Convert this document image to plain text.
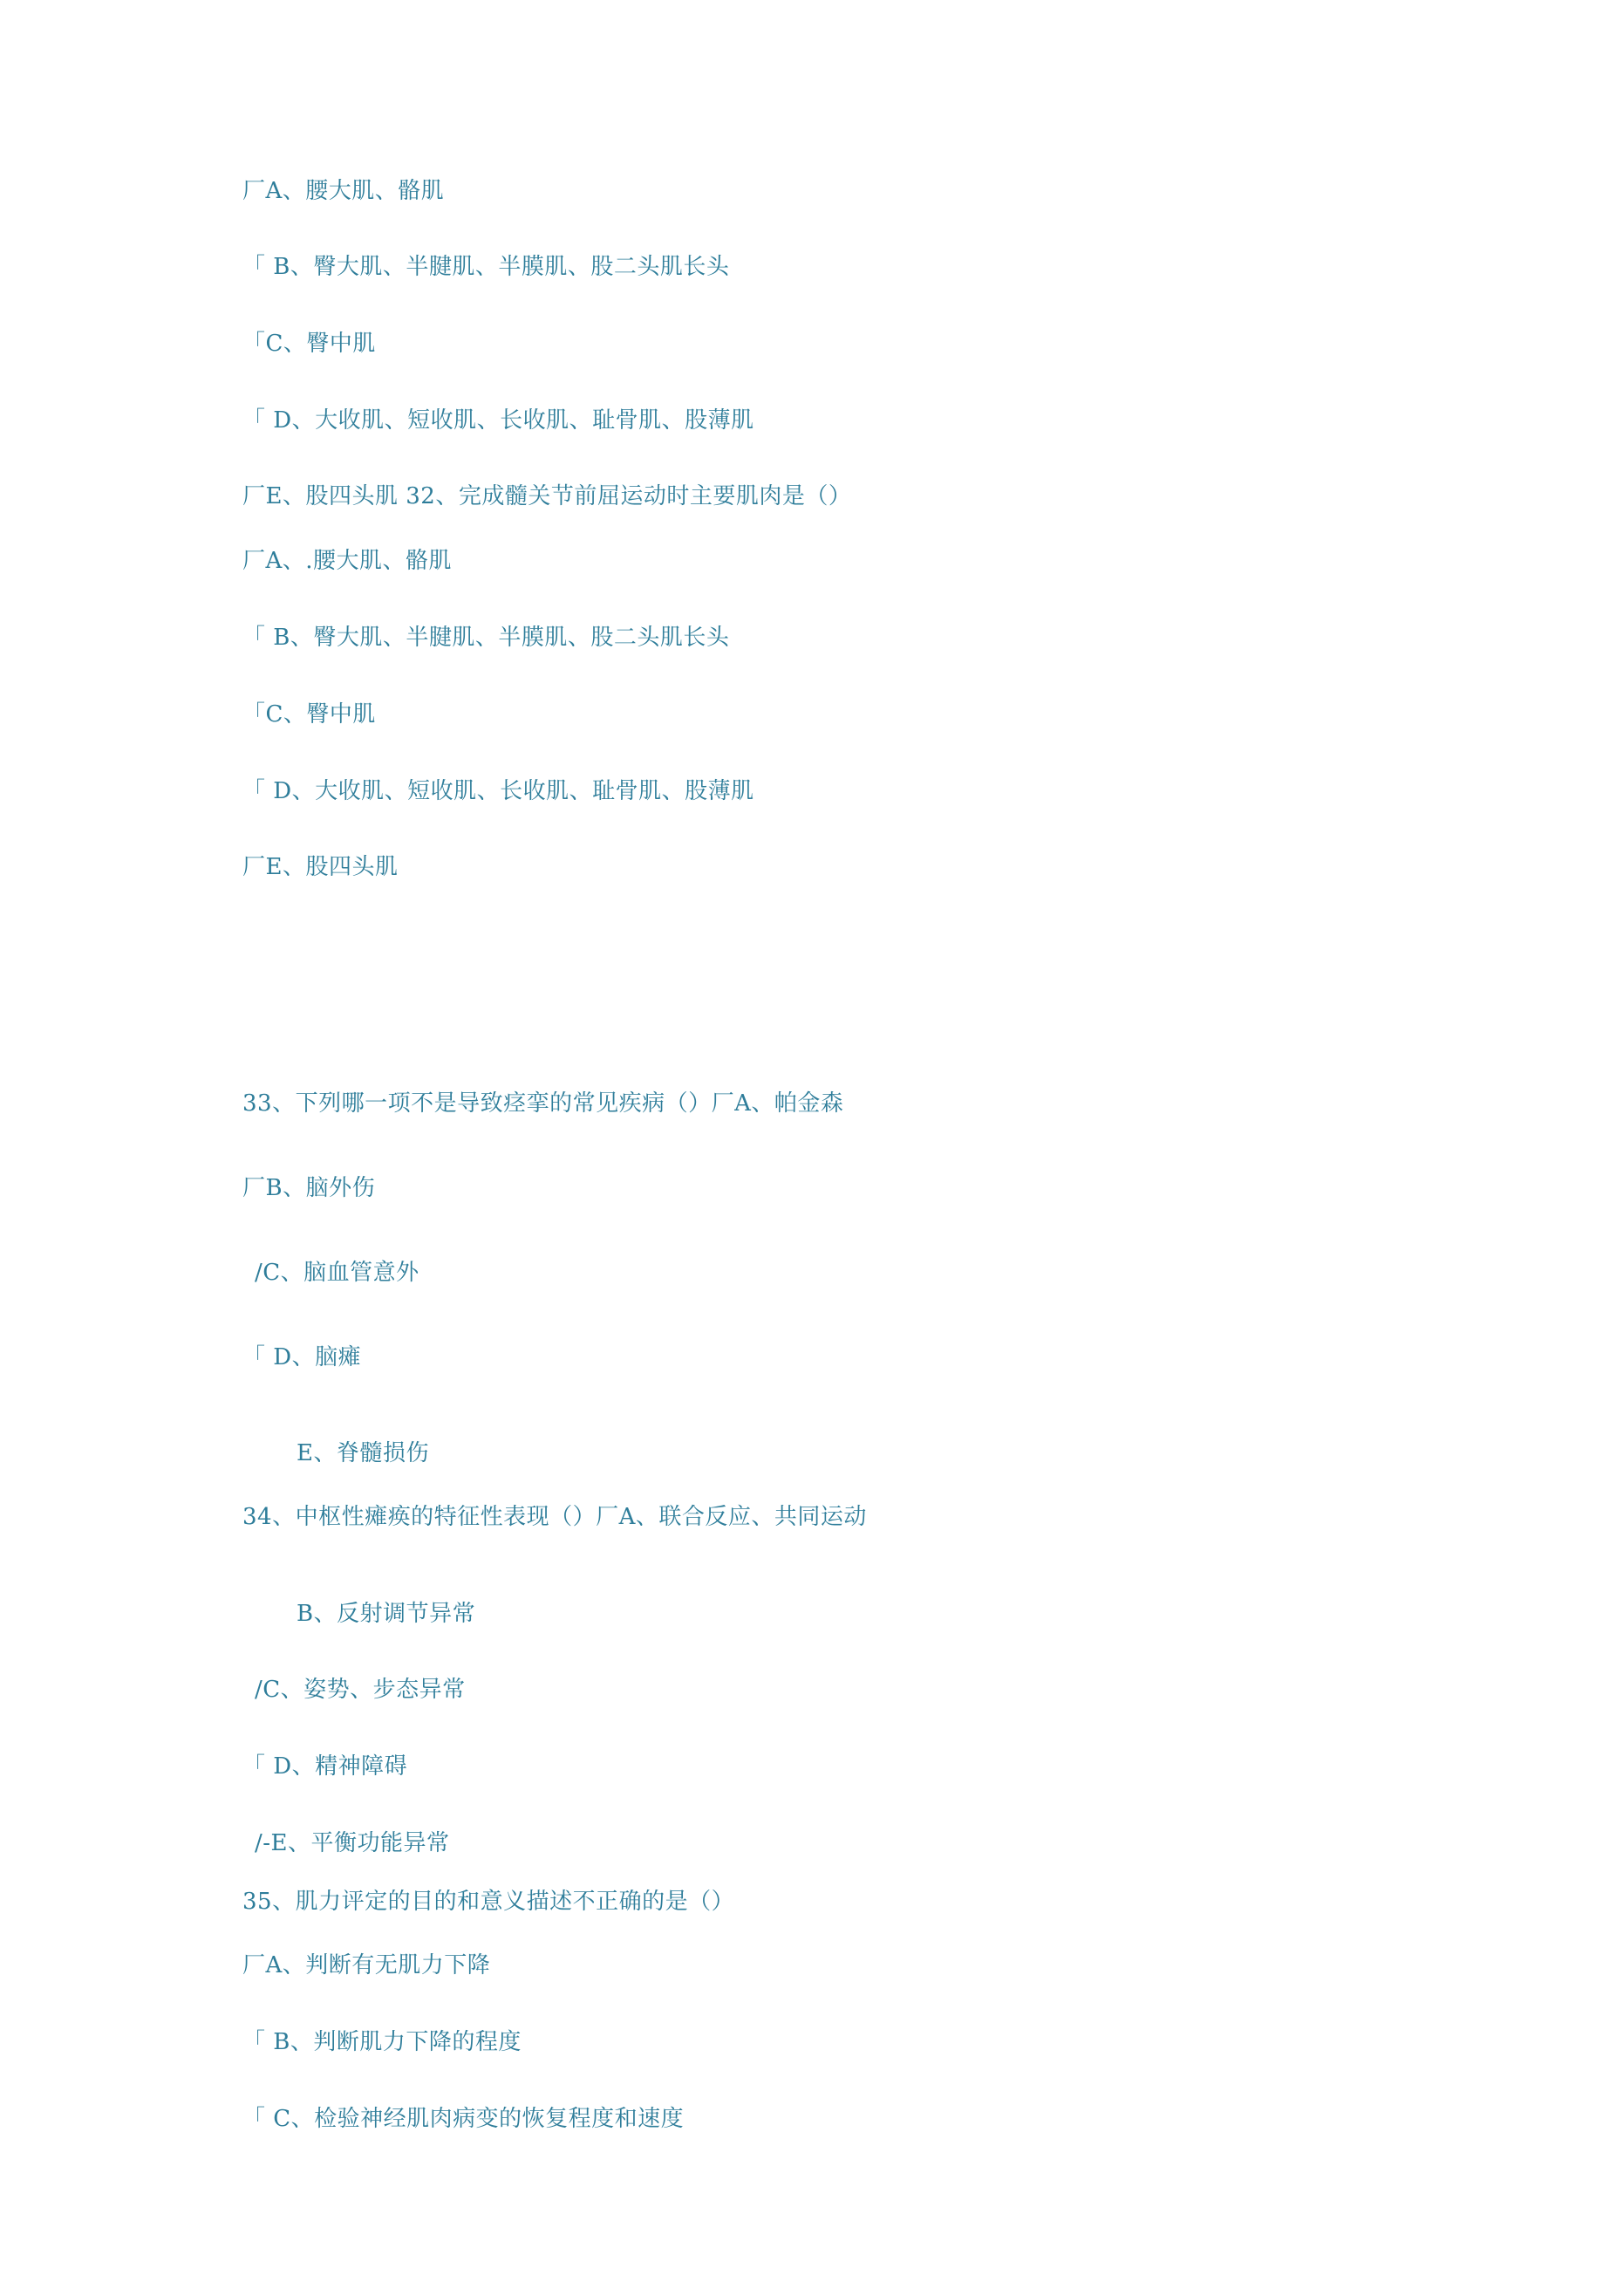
厂A、腰大肌、骼肌
「 B、臀大肌、半腱肌、半膜肌、股二头肌长头
「C、臀中肌
「 D、大收肌、短收肌、长收肌、耻骨肌、股薄肌
厂E、股四头肌 32、完成髓关节前屈运动时主要肌肉是（）
厂A、.腰大肌、骼肌
「 B、臀大肌、半腱肌、半膜肌、股二头肌长头
「C、臀中肌
「 D、大收肌、短收肌、长收肌、耻骨肌、股薄肌
厂E、股四头肌
33、下列哪一项不是导致痉挛的常见疾病（）厂A、帕金森
厂B、脑外伤
/C、脑血管意外
「 D、脑瘫
E、脊髓损伤
34、中枢性瘫痪的特征性表现（）厂A、联合反应、共同运动
B、反射调节异常
/C、姿势、步态异常
「 D、精神障碍
/-E、平衡功能异常
35、肌力评定的目的和意义描述不正确的是（）
厂A、判断有无肌力下降
「 B、判断肌力下降的程度
「 C、检验神经肌肉病变的恢复程度和速度
